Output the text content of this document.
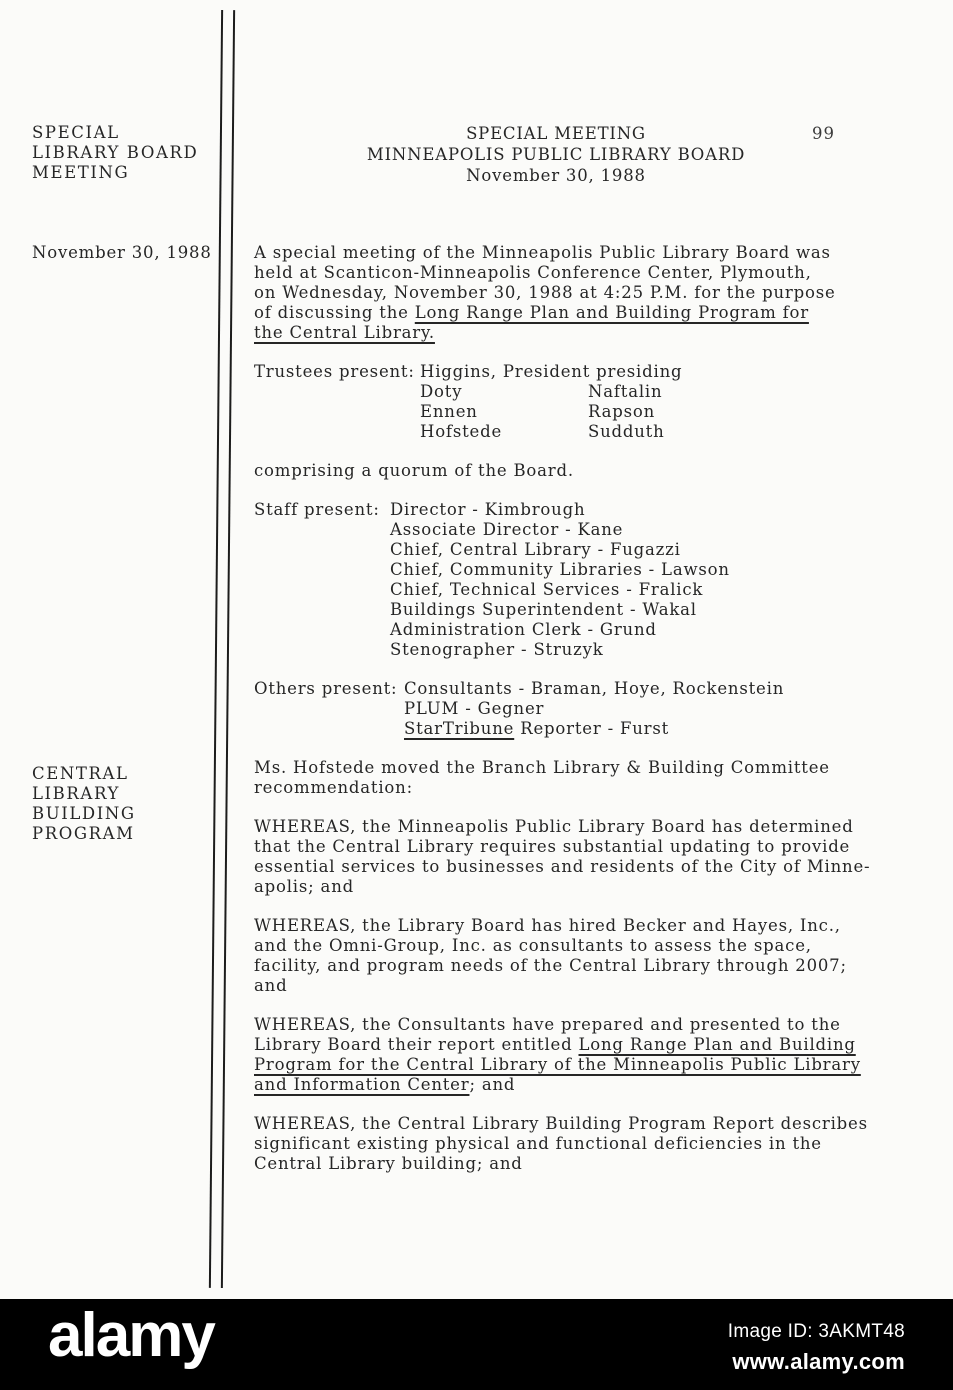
SPECIAL
LIBRARY BOARD
MEETING
November 30, 1988
CENTRAL
LIBRARY
BUILDING
PROGRAM
SPECIAL MEETING
MINNEAPOLIS PUBLIC LIBRARY BOARD
November 30, 1988
99
A special meeting of the Minneapolis Public Library Board was
held at Scanticon-Minneapolis Conference Center, Plymouth,
on Wednesday, November 30, 1988 at 4:25 P.M. for the purpose
of discussing the Long Range Plan and Building Program for
the Central Library.
Trustees present: Higgins, President presiding
Doty	Naftalin
Ennen	Rapson
Hofstede	Sudduth
comprising a quorum of the Board.
Staff present: Director - Kimbrough
Associate Director - Kane
Chief, Central Library - Fugazzi
Chief, Community Libraries - Lawson
Chief, Technical Services - Fralick
Buildings Superintendent - Wakal
Administration Clerk - Grund
Stenographer - Struzyk
Others present: Consultants - Braman, Hoye, Rockenstein
PLUM - Gegner
StarTribune Reporter - Furst
Ms. Hofstede moved the Branch Library & Building Committee
recommendation:
WHEREAS, the Minneapolis Public Library Board has determined
that the Central Library requires substantial updating to provide
essential services to businesses and residents of the City of Minne-
apolis; and
WHEREAS, the Library Board has hired Becker and Hayes, Inc.,
and the Omni-Group, Inc. as consultants to assess the space,
facility, and program needs of the Central Library through 2007;
and
WHEREAS, the Consultants have prepared and presented to the
Library Board their report entitled Long Range Plan and Building
Program for the Central Library of the Minneapolis Public Library
and Information Center; and
WHEREAS, the Central Library Building Program Report describes
significant existing physical and functional deficiencies in the
Central Library building; and
alamy	Image ID: 3AKMT48
www.alamy.com
